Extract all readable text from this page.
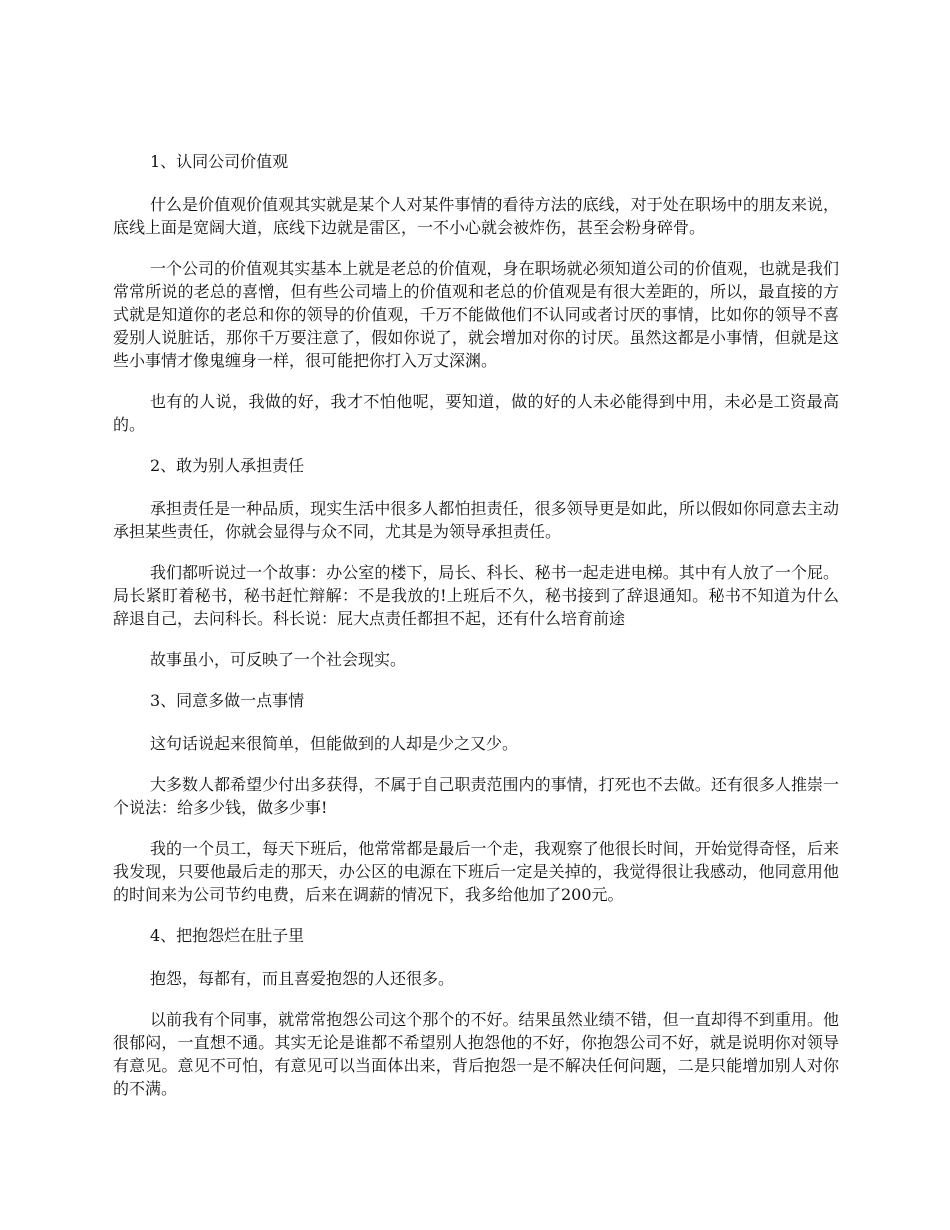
1、认同公司价值观

什么是价值观价值观其实就是某个人对某件事情的看待方法的底线，对于处在职场中的朋友来说，底线上面是宽阔大道，底线下边就是雷区，一不小心就会被炸伤，甚至会粉身碎骨。

一个公司的价值观其实基本上就是老总的价值观，身在职场就必须知道公司的价值观，也就是我们常常所说的老总的喜憎，但有些公司墙上的价值观和老总的价值观是有很大差距的，所以，最直接的方式就是知道你的老总和你的领导的价值观，千万不能做他们不认同或者讨厌的事情，比如你的领导不喜爱别人说脏话，那你千万要注意了，假如你说了，就会增加对你的讨厌。虽然这都是小事情，但就是这些小事情才像鬼缠身一样，很可能把你打入万丈深渊。

也有的人说，我做的好，我才不怕他呢，要知道，做的好的人未必能得到中用，未必是工资最高的。

2、敢为别人承担责任

承担责任是一种品质，现实生活中很多人都怕担责任，很多领导更是如此，所以假如你同意去主动承担某些责任，你就会显得与众不同，尤其是为领导承担责任。

我们都听说过一个故事：办公室的楼下，局长、科长、秘书一起走进电梯。其中有人放了一个屁。局长紧盯着秘书，秘书赶忙辩解：不是我放的!上班后不久，秘书接到了辞退通知。秘书不知道为什么辞退自己，去问科长。科长说：屁大点责任都担不起，还有什么培育前途

故事虽小，可反映了一个社会现实。

3、同意多做一点事情

这句话说起来很简单，但能做到的人却是少之又少。

大多数人都希望少付出多获得，不属于自己职责范围内的事情，打死也不去做。还有很多人推崇一个说法：给多少钱，做多少事!

我的一个员工，每天下班后，他常常都是最后一个走，我观察了他很长时间，开始觉得奇怪，后来我发现，只要他最后走的那天，办公区的电源在下班后一定是关掉的，我觉得很让我感动，他同意用他的时间来为公司节约电费，后来在调薪的情况下，我多给他加了200元。

4、把抱怨烂在肚子里

抱怨，每都有，而且喜爱抱怨的人还很多。

以前我有个同事，就常常抱怨公司这个那个的不好。结果虽然业绩不错，但一直却得不到重用。他很郁闷，一直想不通。其实无论是谁都不希望别人抱怨他的不好，你抱怨公司不好，就是说明你对领导有意见。意见不可怕，有意见可以当面体出来，背后抱怨一是不解决任何问题，二是只能增加别人对你的不满。
